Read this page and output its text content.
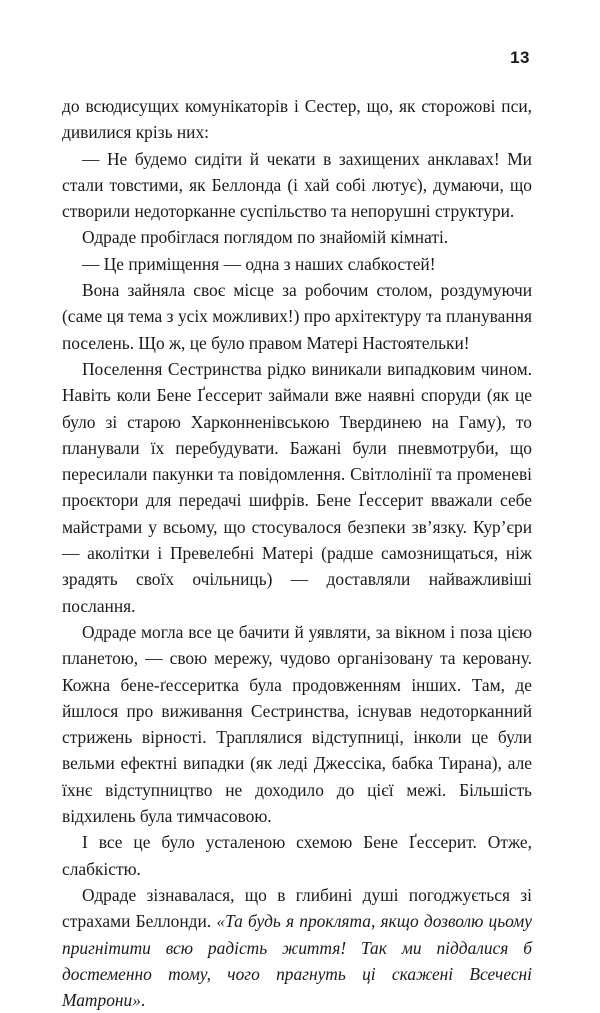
13

до всюдисущих комунікаторів і Сестер, що, як сторожові пси, дивилися крізь них:

— Не будемо сидіти й чекати в захищених анклавах! Ми стали товстими, як Беллонда (і хай собі лютує), думаючи, що створили недоторканне суспільство та непорушні структури.

Одраде пробіглася поглядом по знайомій кімнаті.

— Це приміщення — одна з наших слабкостей!

Вона зайняла своє місце за робочим столом, роздумуючи (саме ця тема з усіх можливих!) про архітектуру та планування поселень. Що ж, це було правом Матері Настоятельки!

Поселення Сестринства рідко виникали випадковим чином. Навіть коли Бене Ґессерит займали вже наявні споруди (як це було зі старою Харконненівською Твердинею на Гаму), то планували їх перебудувати. Бажані були пневмотруби, що пересилали пакунки та повідомлення. Світлолінії та променеві проєктори для передачі шифрів. Бене Ґессерит вважали себе майстрами у всьому, що стосувалося безпеки зв’язку. Кур’єри — аколітки і Превелебні Матері (радше самознищаться, ніж зрадять своїх очільниць) — доставляли найважливіші послання.

Одраде могла все це бачити й уявляти, за вікном і поза цією планетою, — свою мережу, чудово організовану та керовану. Кожна бене-ґессеритка була продовженням інших. Там, де йшлося про виживання Сестринства, існував недоторканний стрижень вірності. Траплялися відступниці, інколи це були вельми ефектні випадки (як леді Джессіка, бабка Тирана), але їхнє відступництво не доходило до цієї межі. Більшість відхилень була тимчасовою.

І все це було усталеною схемою Бене Ґессерит. Отже, слабкістю.

Одраде зізнавалася, що в глибині душі погоджується зі страхами Беллонди. «Та будь я проклята, якщо дозволю цьому пригнітити всю радість життя! Так ми піддалися б достеменно тому, чого прагнуть ці скажені Всечесні Матрони».
